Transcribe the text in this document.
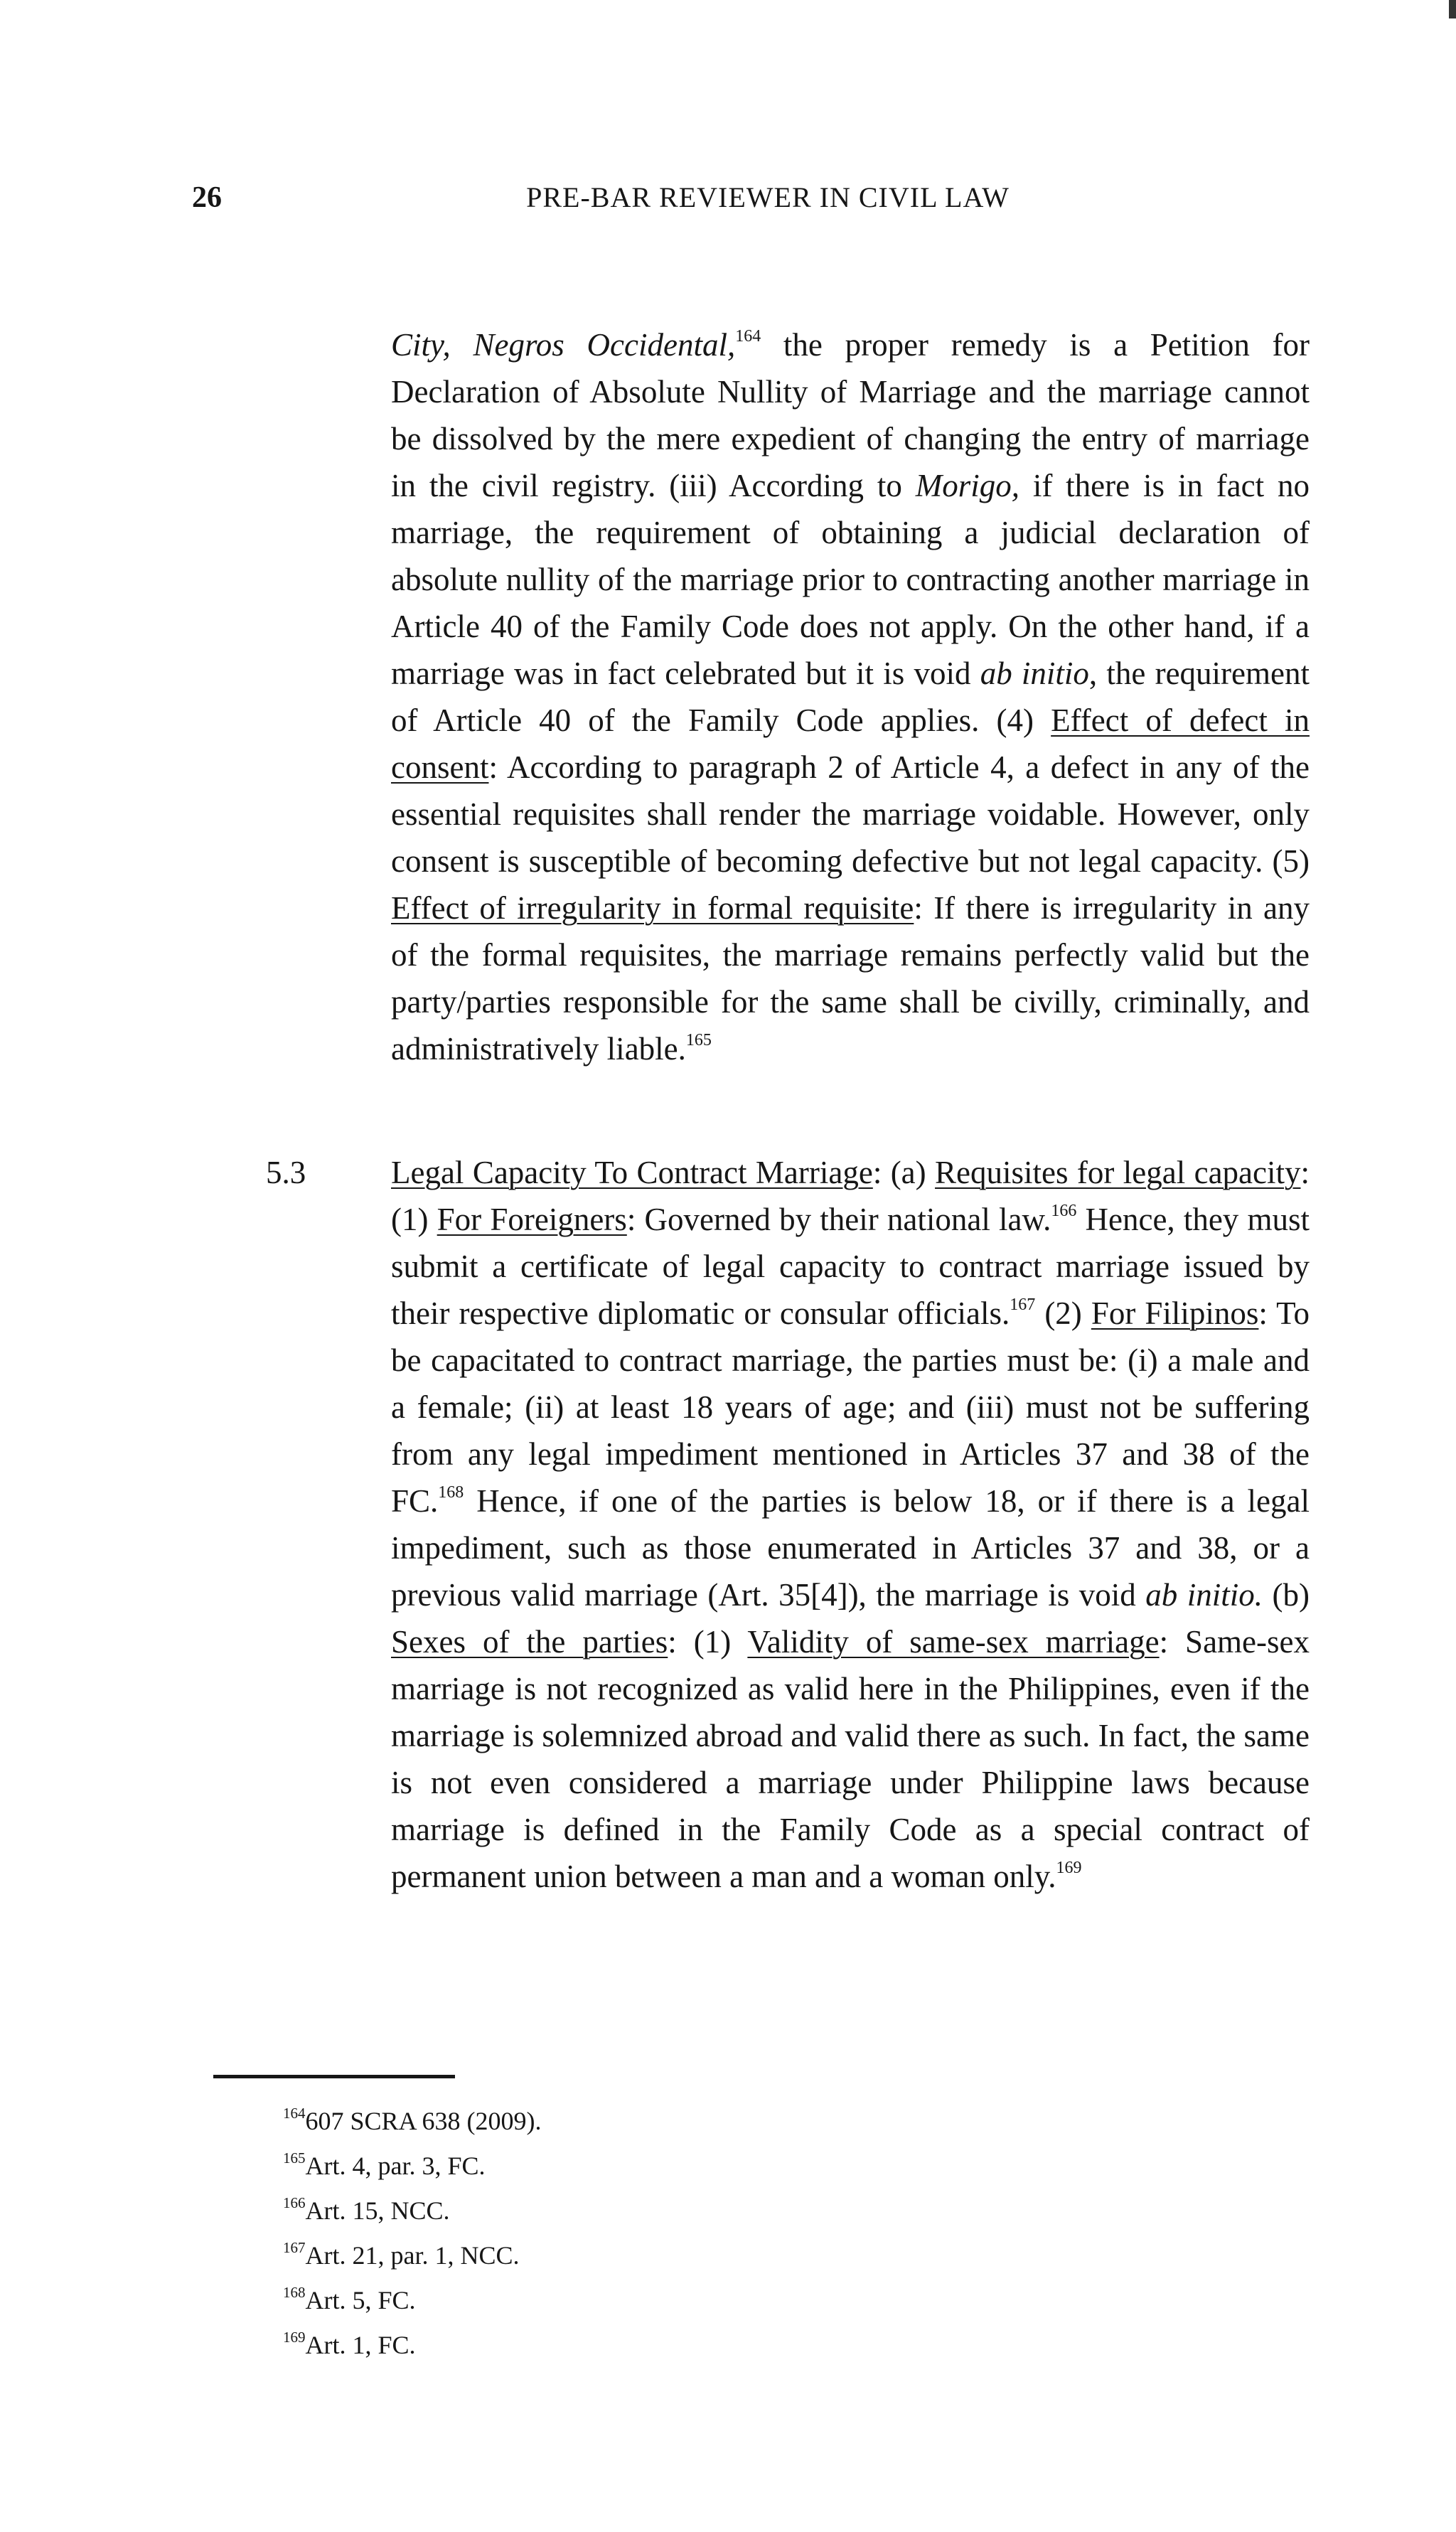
26	PRE-BAR REVIEWER IN CIVIL LAW

City, Negros Occidental,$^{164}$ the proper remedy is a Petition for Declaration of Absolute Nullity of Marriage and the marriage cannot be dissolved by the mere expedient of changing the entry of marriage in the civil registry. (iii) According to Morigo, if there is in fact no marriage, the requirement of obtaining a judicial declaration of absolute nullity of the marriage prior to contracting another marriage in Article 40 of the Family Code does not apply. On the other hand, if a marriage was in fact celebrated but it is void ab initio, the requirement of Article 40 of the Family Code applies. (4) Effect of defect in consent: According to paragraph 2 of Article 4, a defect in any of the essential requisites shall render the marriage voidable. However, only consent is susceptible of becoming defective but not legal capacity. (5) Effect of irregularity in formal requisite: If there is irregularity in any of the formal requisites, the marriage remains perfectly valid but the party/parties responsible for the same shall be civilly, criminally, and administratively liable.$^{165}$

5.3	Legal Capacity To Contract Marriage: (a) Requisites for legal capacity: (1) For Foreigners: Governed by their national law.$^{166}$ Hence, they must submit a certificate of legal capacity to contract marriage issued by their respective diplomatic or consular officials.$^{167}$ (2) For Filipinos: To be capacitated to contract marriage, the parties must be: (i) a male and a female; (ii) at least 18 years of age; and (iii) must not be suffering from any legal impediment mentioned in Articles 37 and 38 of the FC.$^{168}$ Hence, if one of the parties is below 18, or if there is a legal impediment, such as those enumerated in Articles 37 and 38, or a previous valid marriage (Art. 35[4]), the marriage is void ab initio. (b) Sexes of the parties: (1) Validity of same-sex marriage: Same-sex marriage is not recognized as valid here in the Philippines, even if the marriage is solemnized abroad and valid there as such. In fact, the same is not even considered a marriage under Philippine laws because marriage is defined in the Family Code as a special contract of permanent union between a man and a woman only.$^{169}$

$^{164}$607 SCRA 638 (2009).
$^{165}$Art. 4, par. 3, FC.
$^{166}$Art. 15, NCC.
$^{167}$Art. 21, par. 1, NCC.
$^{168}$Art. 5, FC.
$^{169}$Art. 1, FC.
